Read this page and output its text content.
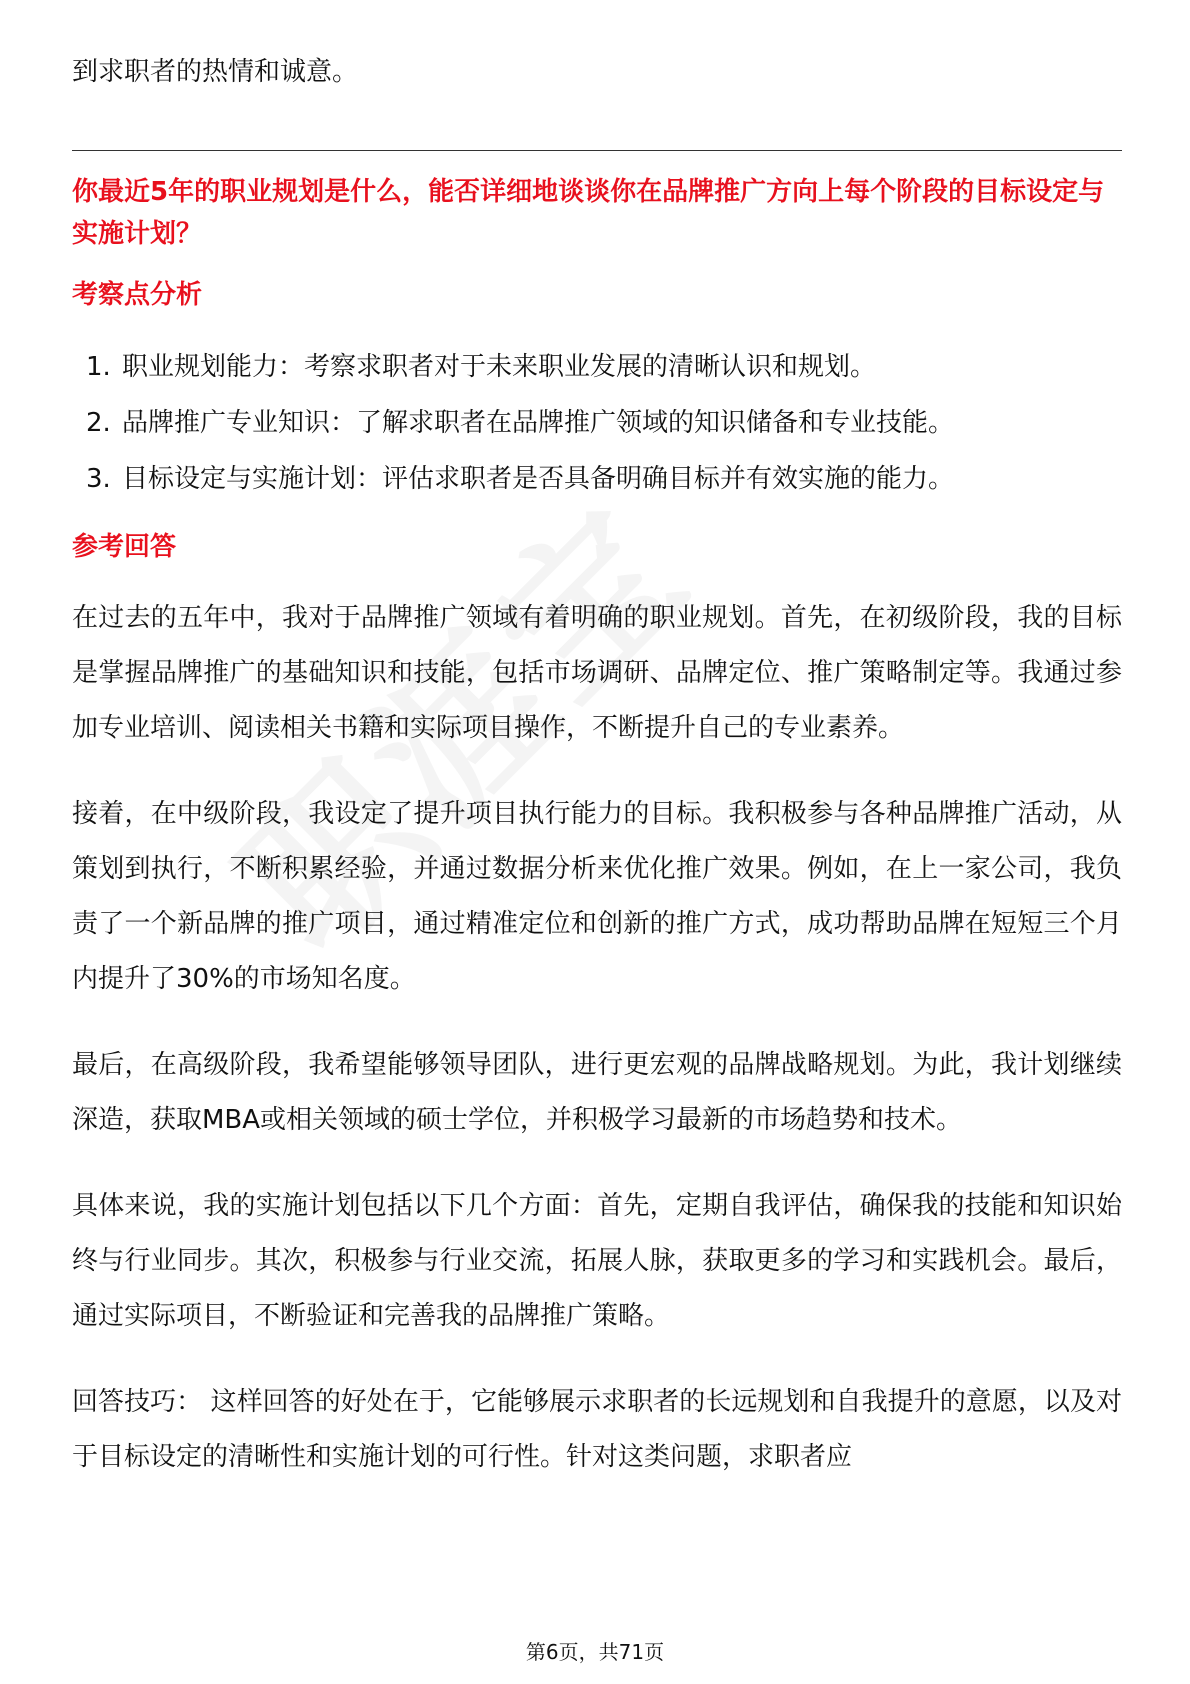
到求职者的热情和诚意。

你最近5年的职业规划是什么，能否详细地谈谈你在品牌推广方向上每个阶段的目标设定与实施计划？

考察点分析
1. 职业规划能力：考察求职者对于未来职业发展的清晰认识和规划。
2. 品牌推广专业知识：了解求职者在品牌推广领域的知识储备和专业技能。
3. 目标设定与实施计划：评估求职者是否具备明确目标并有效实施的能力。
参考回答

在过去的五年中，我对于品牌推广领域有着明确的职业规划。首先，在初级阶段，我的目标是掌握品牌推广的基础知识和技能，包括市场调研、品牌定位、推广策略制定等。我通过参加专业培训、阅读相关书籍和实际项目操作，不断提升自己的专业素养。

接着，在中级阶段，我设定了提升项目执行能力的目标。我积极参与各种品牌推广活动，从策划到执行，不断积累经验，并通过数据分析来优化推广效果。例如，在上一家公司，我负责了一个新品牌的推广项目，通过精准定位和创新的推广方式，成功帮助品牌在短短三个月内提升了30%的市场知名度。

最后，在高级阶段，我希望能够领导团队，进行更宏观的品牌战略规划。为此，我计划继续深造，获取MBA或相关领域的硕士学位，并积极学习最新的市场趋势和技术。

具体来说，我的实施计划包括以下几个方面：首先，定期自我评估，确保我的技能和知识始终与行业同步。其次，积极参与行业交流，拓展人脉，获取更多的学习和实践机会。最后，通过实际项目，不断验证和完善我的品牌推广策略。

回答技巧： 这样回答的好处在于，它能够展示求职者的长远规划和自我提升的意愿，以及对于目标设定的清晰性和实施计划的可行性。针对这类问题，求职者应

第6页，共71页
